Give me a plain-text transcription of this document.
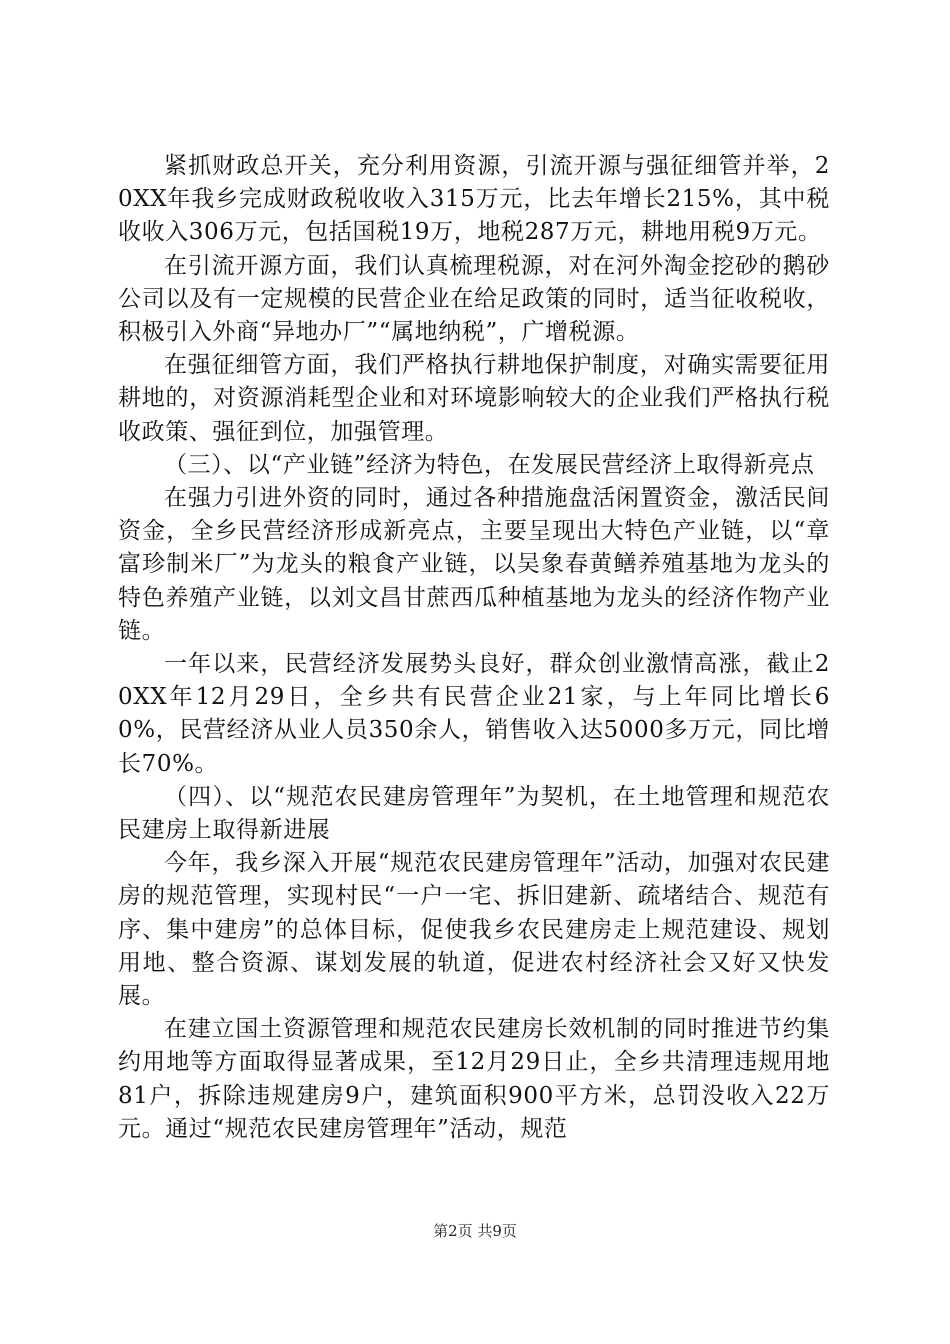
紧抓财政总开关，充分利用资源，引流开源与强征细管并举，20XX年我乡完成财政税收收入315万元，比去年增长215%，其中税收收入306万元，包括国税19万，地税287万元，耕地用税9万元。

在引流开源方面，我们认真梳理税源，对在河外淘金挖砂的鹅砂公司以及有一定规模的民营企业在给足政策的同时，适当征收税收，积极引入外商“异地办厂”“属地纳税”，广增税源。

在强征细管方面，我们严格执行耕地保护制度，对确实需要征用耕地的，对资源消耗型企业和对环境影响较大的企业我们严格执行税收政策、强征到位，加强管理。

（三）、以“产业链”经济为特色，在发展民营经济上取得新亮点

在强力引进外资的同时，通过各种措施盘活闲置资金，激活民间资金，全乡民营经济形成新亮点，主要呈现出大特色产业链，以“章富珍制米厂”为龙头的粮食产业链，以吴象春黄鳝养殖基地为龙头的特色养殖产业链，以刘文昌甘蔗西瓜种植基地为龙头的经济作物产业链。

一年以来，民营经济发展势头良好，群众创业激情高涨，截止20XX年12月29日，全乡共有民营企业21家，与上年同比增长60%，民营经济从业人员350余人，销售收入达5000多万元，同比增长70%。

（四）、以“规范农民建房管理年”为契机，在土地管理和规范农民建房上取得新进展

今年，我乡深入开展“规范农民建房管理年”活动，加强对农民建房的规范管理，实现村民“一户一宅、拆旧建新、疏堵结合、规范有序、集中建房”的总体目标，促使我乡农民建房走上规范建设、规划用地、整合资源、谋划发展的轨道，促进农村经济社会又好又快发展。

在建立国土资源管理和规范农民建房长效机制的同时推进节约集约用地等方面取得显著成果，至12月29日止，全乡共清理违规用地81户，拆除违规建房9户，建筑面积900平方米，总罚没收入22万元。通过“规范农民建房管理年”活动，规范

第2页 共9页
